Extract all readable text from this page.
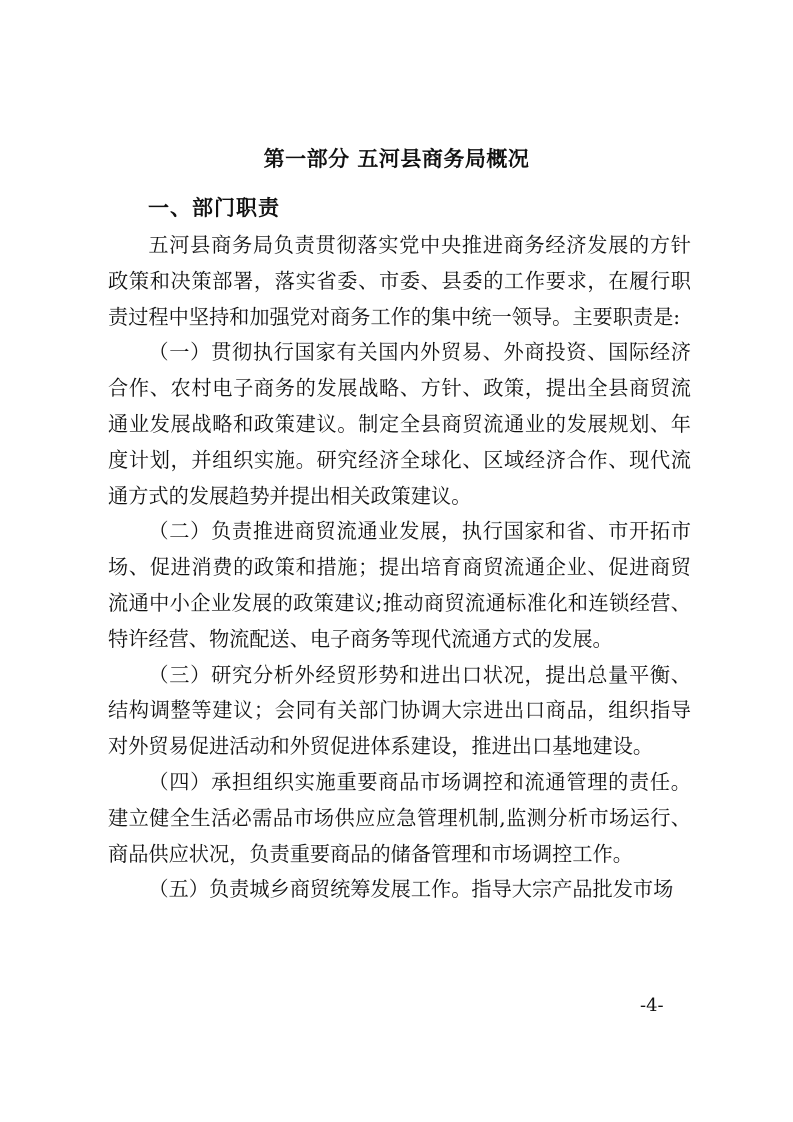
第一部分 五河县商务局概况
一、部门职责

五河县商务局负责贯彻落实党中央推进商务经济发展的方针政策和决策部署，落实省委、市委、县委的工作要求，在履行职责过程中坚持和加强党对商务工作的集中统一领导。主要职责是:

（一）贯彻执行国家有关国内外贸易、外商投资、国际经济合作、农村电子商务的发展战略、方针、政策，提出全县商贸流通业发展战略和政策建议。制定全县商贸流通业的发展规划、年度计划，并组织实施。研究经济全球化、区域经济合作、现代流通方式的发展趋势并提出相关政策建议。

（二）负责推进商贸流通业发展，执行国家和省、市开拓市场、促进消费的政策和措施；提出培育商贸流通企业、促进商贸流通中小企业发展的政策建议;推动商贸流通标准化和连锁经营、特许经营、物流配送、电子商务等现代流通方式的发展。

（三）研究分析外经贸形势和进出口状况，提出总量平衡、结构调整等建议；会同有关部门协调大宗进出口商品，组织指导对外贸易促进活动和外贸促进体系建设，推进出口基地建设。

（四）承担组织实施重要商品市场调控和流通管理的责任。建立健全生活必需品市场供应应急管理机制,监测分析市场运行、商品供应状况，负责重要商品的储备管理和市场调控工作。

（五）负责城乡商贸统筹发展工作。指导大宗产品批发市场

-4-
